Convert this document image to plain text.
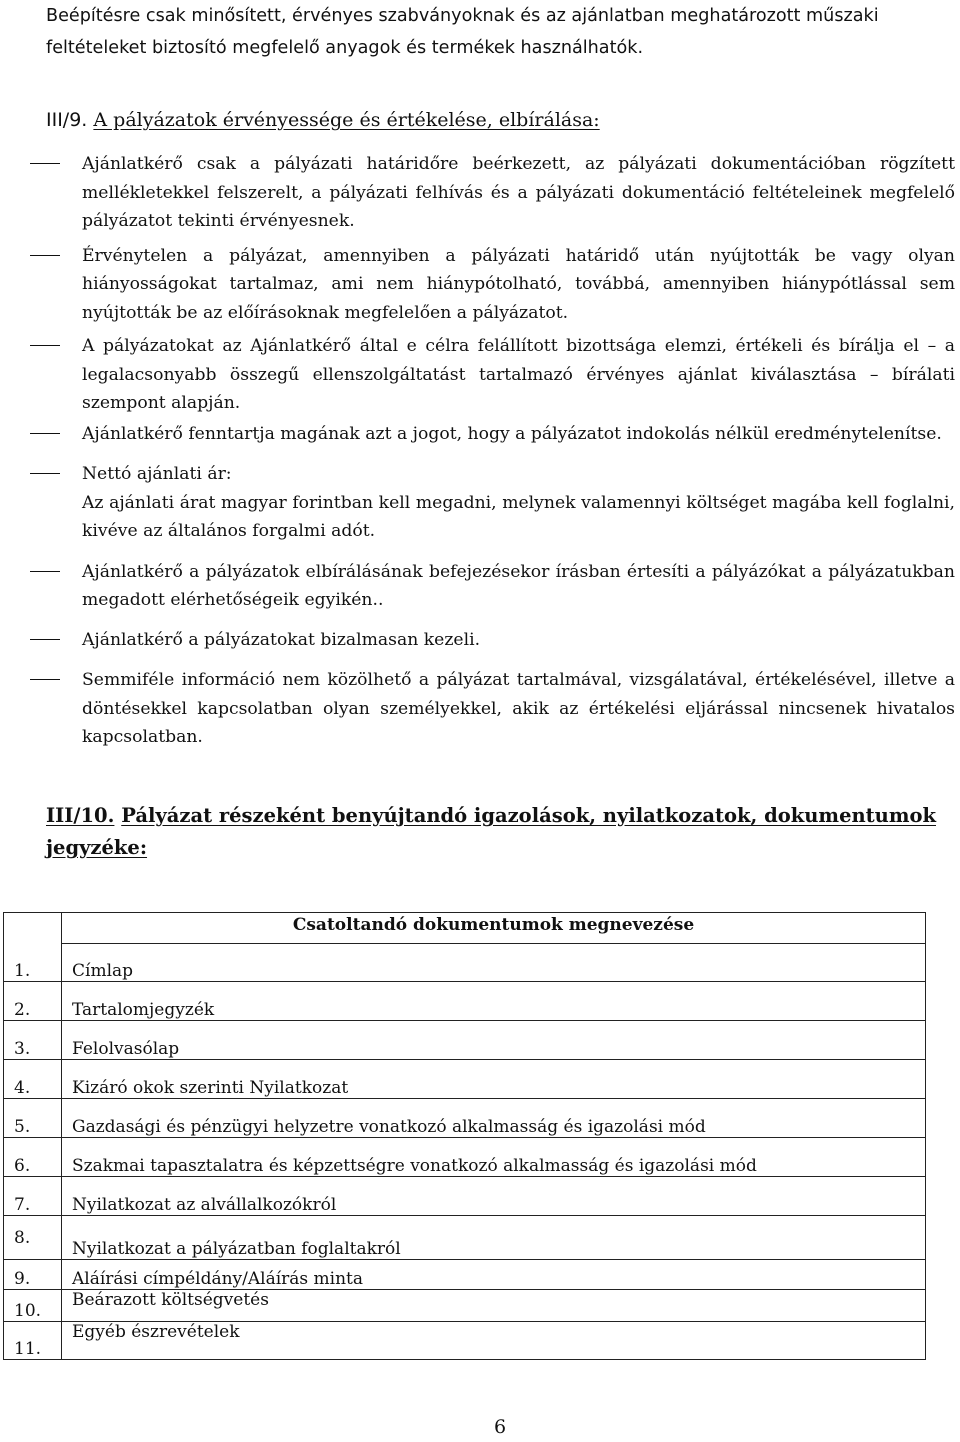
Beépítésre csak minősített, érvényes szabványoknak és az ajánlatban meghatározott műszaki feltételeket biztosító megfelelő anyagok és termékek használhatók.

III/9. A pályázatok érvényessége és értékelése, elbírálása:

Ajánlatkérő csak a pályázati határidőre beérkezett, az pályázati dokumentációban rögzített mellékletekkel felszerelt, a pályázati felhívás és a pályázati dokumentáció feltételeinek megfelelő pályázatot tekinti érvényesnek.
Érvénytelen a pályázat, amennyiben a pályázati határidő után nyújtották be vagy olyan hiányosságokat tartalmaz, ami nem hiánypótolható, továbbá, amennyiben hiánypótlással sem nyújtották be az előírásoknak megfelelően a pályázatot.
A pályázatokat az Ajánlatkérő által e célra felállított bizottsága elemzi, értékeli és bírálja el – a legalacsonyabb összegű ellenszolgáltatást tartalmazó érvényes ajánlat kiválasztása – bírálati szempont alapján.
Ajánlatkérő fenntartja magának azt a jogot, hogy a pályázatot indokolás nélkül eredménytelenítse.
Nettó ajánlati ár:
Az ajánlati árat magyar forintban kell megadni, melynek valamennyi költséget magába kell foglalni, kivéve az általános forgalmi adót.
Ajánlatkérő a pályázatok elbírálásának befejezésekor írásban értesíti a pályázókat a pályázatukban megadott elérhetőségeik egyikén..
Ajánlatkérő a pályázatokat bizalmasan kezeli.
Semmiféle információ nem közölhető a pályázat tartalmával, vizsgálatával, értékelésével, illetve a döntésekkel kapcsolatban olyan személyekkel, akik az értékelési eljárással nincsenek hivatalos kapcsolatban.

III/10. Pályázat részeként benyújtandó igazolások, nyilatkozatok, dokumentumok jegyzéke:

	Csatoltandó dokumentumok megnevezése
1.	Címlap
2.	Tartalomjegyzék
3.	Felolvasólap
4.	Kizáró okok szerinti Nyilatkozat
5.	Gazdasági és pénzügyi helyzetre vonatkozó alkalmasság és igazolási mód
6.	Szakmai tapasztalatra és képzettségre vonatkozó alkalmasság és igazolási mód
7.	Nyilatkozat az alvállalkozókról
8.	Nyilatkozat a pályázatban foglaltakról
9.	Aláírási címpéldány/Aláírás minta
10.	Beárazott költségvetés
11.	Egyéb észrevételek
6
